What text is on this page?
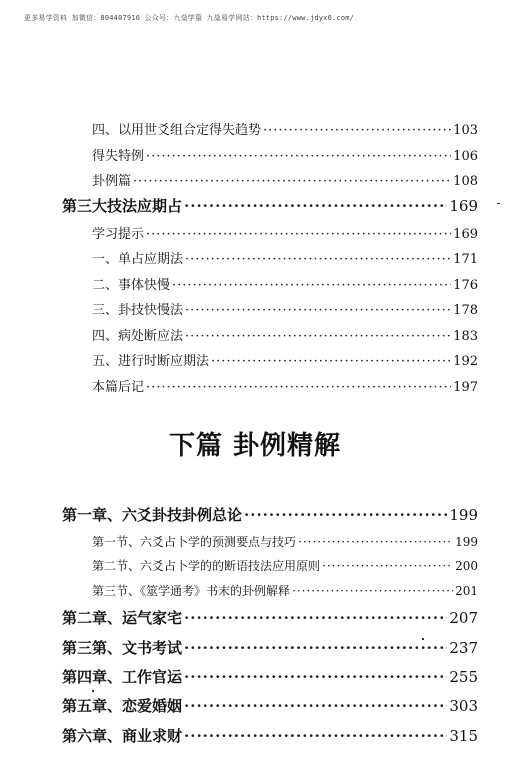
更多易学资料 加微信：804407916 公众号：九燊学篁 九燊易学网站：https://www.jdyx6.com/
四、以用世爻组合定得失趋势 ·····	103
得失特例 ·····	106
卦例篇 ·····	108
第三大技法应期占 ·····	169
学习提示 ·····	169
一、单占应期法 ·····	171
二、事体快慢 ·····	176
三、卦技快慢法 ·····	178
四、病处断应法 ·····	183
五、进行时断应期法 ·····	192
本篇后记 ·····	197
下篇 卦例精解
第一章、六爻卦技卦例总论 ·····	199
第一节、六爻占卜学的预测要点与技巧 ·····	199
第二节、六爻占卜学的的断语技法应用原则 ·····	200
第三节、《筮学通考》书末的卦例解释 ·····	201
第二章、运气家宅 ·····	207
第三第、文书考试 ·····	237
第四章、工作官运 ·····	255
第五章、恋爱婚姻 ·····	303
第六章、商业求财 ·····	315
